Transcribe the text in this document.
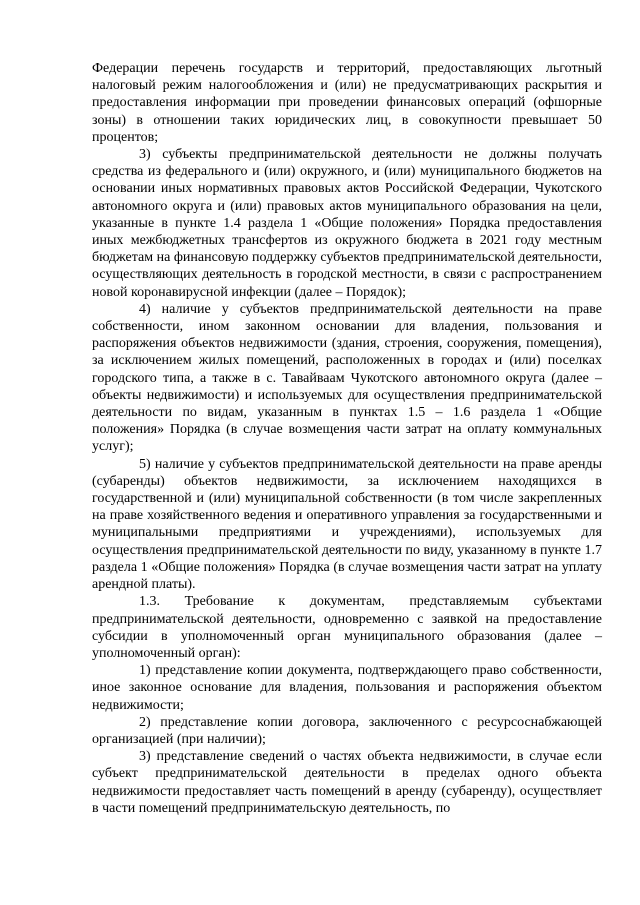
Федерации перечень государств и территорий, предоставляющих льготный налоговый режим налогообложения и (или) не предусматривающих раскрытия и предоставления информации при проведении финансовых операций (офшорные зоны) в отношении таких юридических лиц, в совокупности превышает 50 процентов;

3) субъекты предпринимательской деятельности не должны получать средства из федерального и (или) окружного, и (или) муниципального бюджетов на основании иных нормативных правовых актов Российской Федерации, Чукотского автономного округа и (или) правовых актов муниципального образования на цели, указанные в пункте 1.4 раздела 1 «Общие положения» Порядка предоставления иных межбюджетных трансфертов из окружного бюджета в 2021 году местным бюджетам на финансовую поддержку субъектов предпринимательской деятельности, осуществляющих деятельность в городской местности, в связи с распространением новой коронавирусной инфекции (далее – Порядок);

4) наличие у субъектов предпринимательской деятельности на праве собственности, ином законном основании для владения, пользования и распоряжения объектов недвижимости (здания, строения, сооружения, помещения), за исключением жилых помещений, расположенных в городах и (или) поселках городского типа, а также в с. Тавайваам Чукотского автономного округа (далее – объекты недвижимости) и используемых для осуществления предпринимательской деятельности по видам, указанным в пунктах 1.5 – 1.6 раздела 1 «Общие положения» Порядка (в случае возмещения части затрат на оплату коммунальных услуг);

5) наличие у субъектов предпринимательской деятельности на праве аренды (субаренды) объектов недвижимости, за исключением находящихся в государственной и (или) муниципальной собственности (в том числе закрепленных на праве хозяйственного ведения и оперативного управления за государственными и муниципальными предприятиями и учреждениями), используемых для осуществления предпринимательской деятельности по виду, указанному в пункте 1.7 раздела 1 «Общие положения» Порядка (в случае возмещения части затрат на уплату арендной платы).

1.3. Требование к документам, представляемым субъектами предпринимательской деятельности, одновременно с заявкой на предоставление субсидии в уполномоченный орган муниципального образования (далее – уполномоченный орган):

1) представление копии документа, подтверждающего право собственности, иное законное основание для владения, пользования и распоряжения объектом недвижимости;

2) представление копии договора, заключенного с ресурсоснабжающей организацией (при наличии);

3) представление сведений о частях объекта недвижимости, в случае если субъект предпринимательской деятельности в пределах одного объекта недвижимости предоставляет часть помещений в аренду (субаренду), осуществляет в части помещений предпринимательскую деятельность, по
